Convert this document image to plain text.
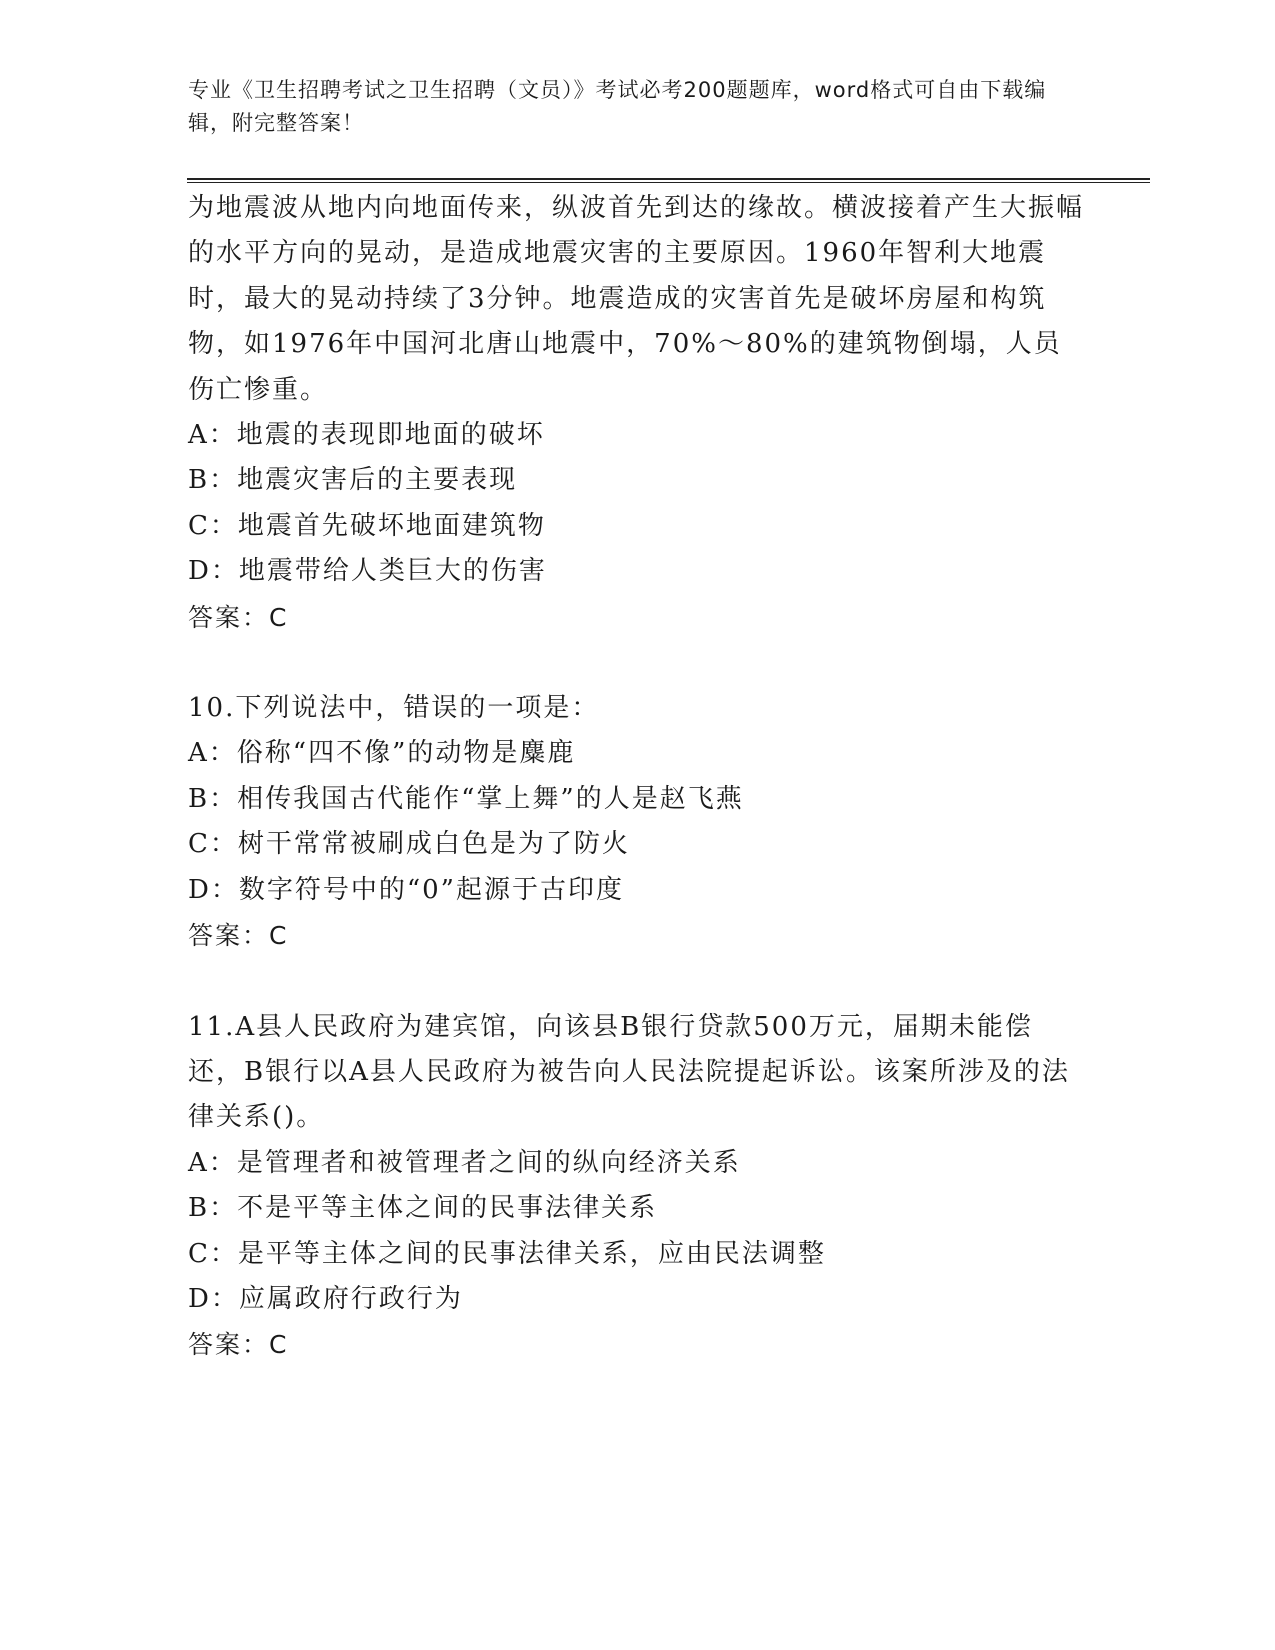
专业《卫生招聘考试之卫生招聘（文员）》考试必考200题题库，word格式可自由下载编辑，附完整答案！

为地震波从地内向地面传来，纵波首先到达的缘故。横波接着产生大振幅的水平方向的晃动，是造成地震灾害的主要原因。1960年智利大地震时，最大的晃动持续了3分钟。地震造成的灾害首先是破坏房屋和构筑物，如1976年中国河北唐山地震中，70%～80%的建筑物倒塌，人员伤亡惨重。

A：地震的表现即地面的破坏

B：地震灾害后的主要表现

C：地震首先破坏地面建筑物

D：地震带给人类巨大的伤害

答案：C

10.下列说法中，错误的一项是：

A：俗称“四不像”的动物是麋鹿

B：相传我国古代能作“掌上舞”的人是赵飞燕

C：树干常常被刷成白色是为了防火

D：数字符号中的“0”起源于古印度

答案：C

11.A县人民政府为建宾馆，向该县B银行贷款500万元，届期未能偿还，B银行以A县人民政府为被告向人民法院提起诉讼。该案所涉及的法律关系()。

A：是管理者和被管理者之间的纵向经济关系

B：不是平等主体之间的民事法律关系

C：是平等主体之间的民事法律关系，应由民法调整

D：应属政府行政行为

答案：C
